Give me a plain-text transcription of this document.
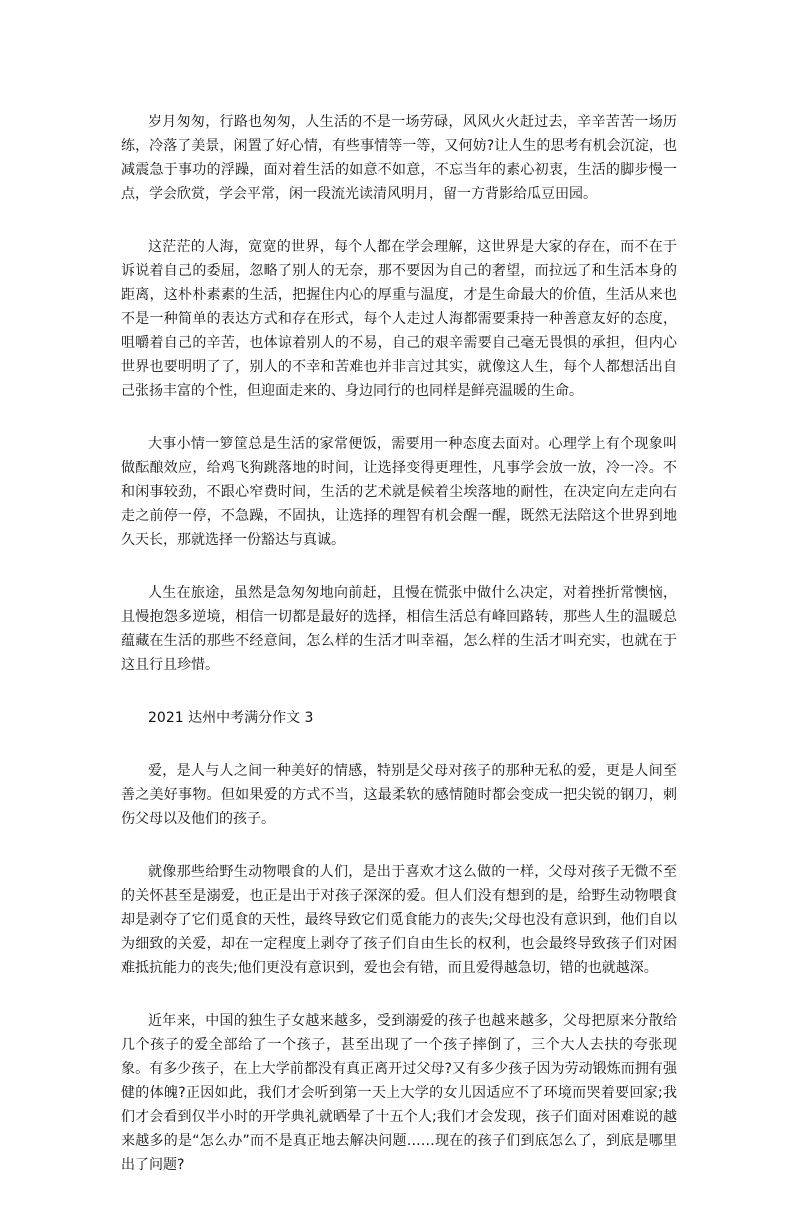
岁月匆匆，行路也匆匆，人生活的不是一场劳碌，风风火火赶过去，辛辛苦苦一场历练，冷落了美景，闲置了好心情，有些事情等一等，又何妨?让人生的思考有机会沉淀，也减震急于事功的浮躁，面对着生活的如意不如意，不忘当年的素心初衷，生活的脚步慢一点，学会欣赏，学会平常，闲一段流光读清风明月，留一方背影给瓜豆田园。

这茫茫的人海，宽宽的世界，每个人都在学会理解，这世界是大家的存在，而不在于诉说着自己的委屈，忽略了别人的无奈，那不要因为自己的奢望，而拉远了和生活本身的距离，这朴朴素素的生活，把握住内心的厚重与温度，才是生命最大的价值，生活从来也不是一种简单的表达方式和存在形式，每个人走过人海都需要秉持一种善意友好的态度，咀嚼着自己的辛苦，也体谅着别人的不易，自己的艰辛需要自己毫无畏惧的承担，但内心世界也要明明了了，别人的不幸和苦难也并非言过其实，就像这人生，每个人都想活出自己张扬丰富的个性，但迎面走来的、身边同行的也同样是鲜亮温暖的生命。

大事小情一箩筐总是生活的家常便饭，需要用一种态度去面对。心理学上有个现象叫做酝酿效应，给鸡飞狗跳落地的时间，让选择变得更理性，凡事学会放一放，冷一冷。不和闲事较劲，不跟心窄费时间，生活的艺术就是候着尘埃落地的耐性，在决定向左走向右走之前停一停，不急躁，不固执，让选择的理智有机会醒一醒，既然无法陪这个世界到地久天长，那就选择一份豁达与真诚。

人生在旅途，虽然是急匆匆地向前赶，且慢在慌张中做什么决定，对着挫折常懊恼，且慢抱怨多逆境，相信一切都是最好的选择，相信生活总有峰回路转，那些人生的温暖总蕴藏在生活的那些不经意间，怎么样的生活才叫幸福，怎么样的生活才叫充实，也就在于这且行且珍惜。

2021 达州中考满分作文 3

爱，是人与人之间一种美好的情感，特别是父母对孩子的那种无私的爱，更是人间至善之美好事物。但如果爱的方式不当，这最柔软的感情随时都会变成一把尖锐的钢刀，刺伤父母以及他们的孩子。

就像那些给野生动物喂食的人们，是出于喜欢才这么做的一样，父母对孩子无微不至的关怀甚至是溺爱，也正是出于对孩子深深的爱。但人们没有想到的是，给野生动物喂食却是剥夺了它们觅食的天性，最终导致它们觅食能力的丧失;父母也没有意识到，他们自以为细致的关爱，却在一定程度上剥夺了孩子们自由生长的权利，也会最终导致孩子们对困难抵抗能力的丧失;他们更没有意识到，爱也会有错，而且爱得越急切，错的也就越深。

近年来，中国的独生子女越来越多，受到溺爱的孩子也越来越多，父母把原来分散给几个孩子的爱全部给了一个孩子，甚至出现了一个孩子摔倒了，三个大人去扶的夸张现象。有多少孩子，在上大学前都没有真正离开过父母?又有多少孩子因为劳动锻炼而拥有强健的体魄?正因如此，我们才会听到第一天上大学的女儿因适应不了环境而哭着要回家;我们才会看到仅半小时的开学典礼就晒晕了十五个人;我们才会发现，孩子们面对困难说的越来越多的是“怎么办”而不是真正地去解决问题……现在的孩子们到底怎么了，到底是哪里出了问题?
